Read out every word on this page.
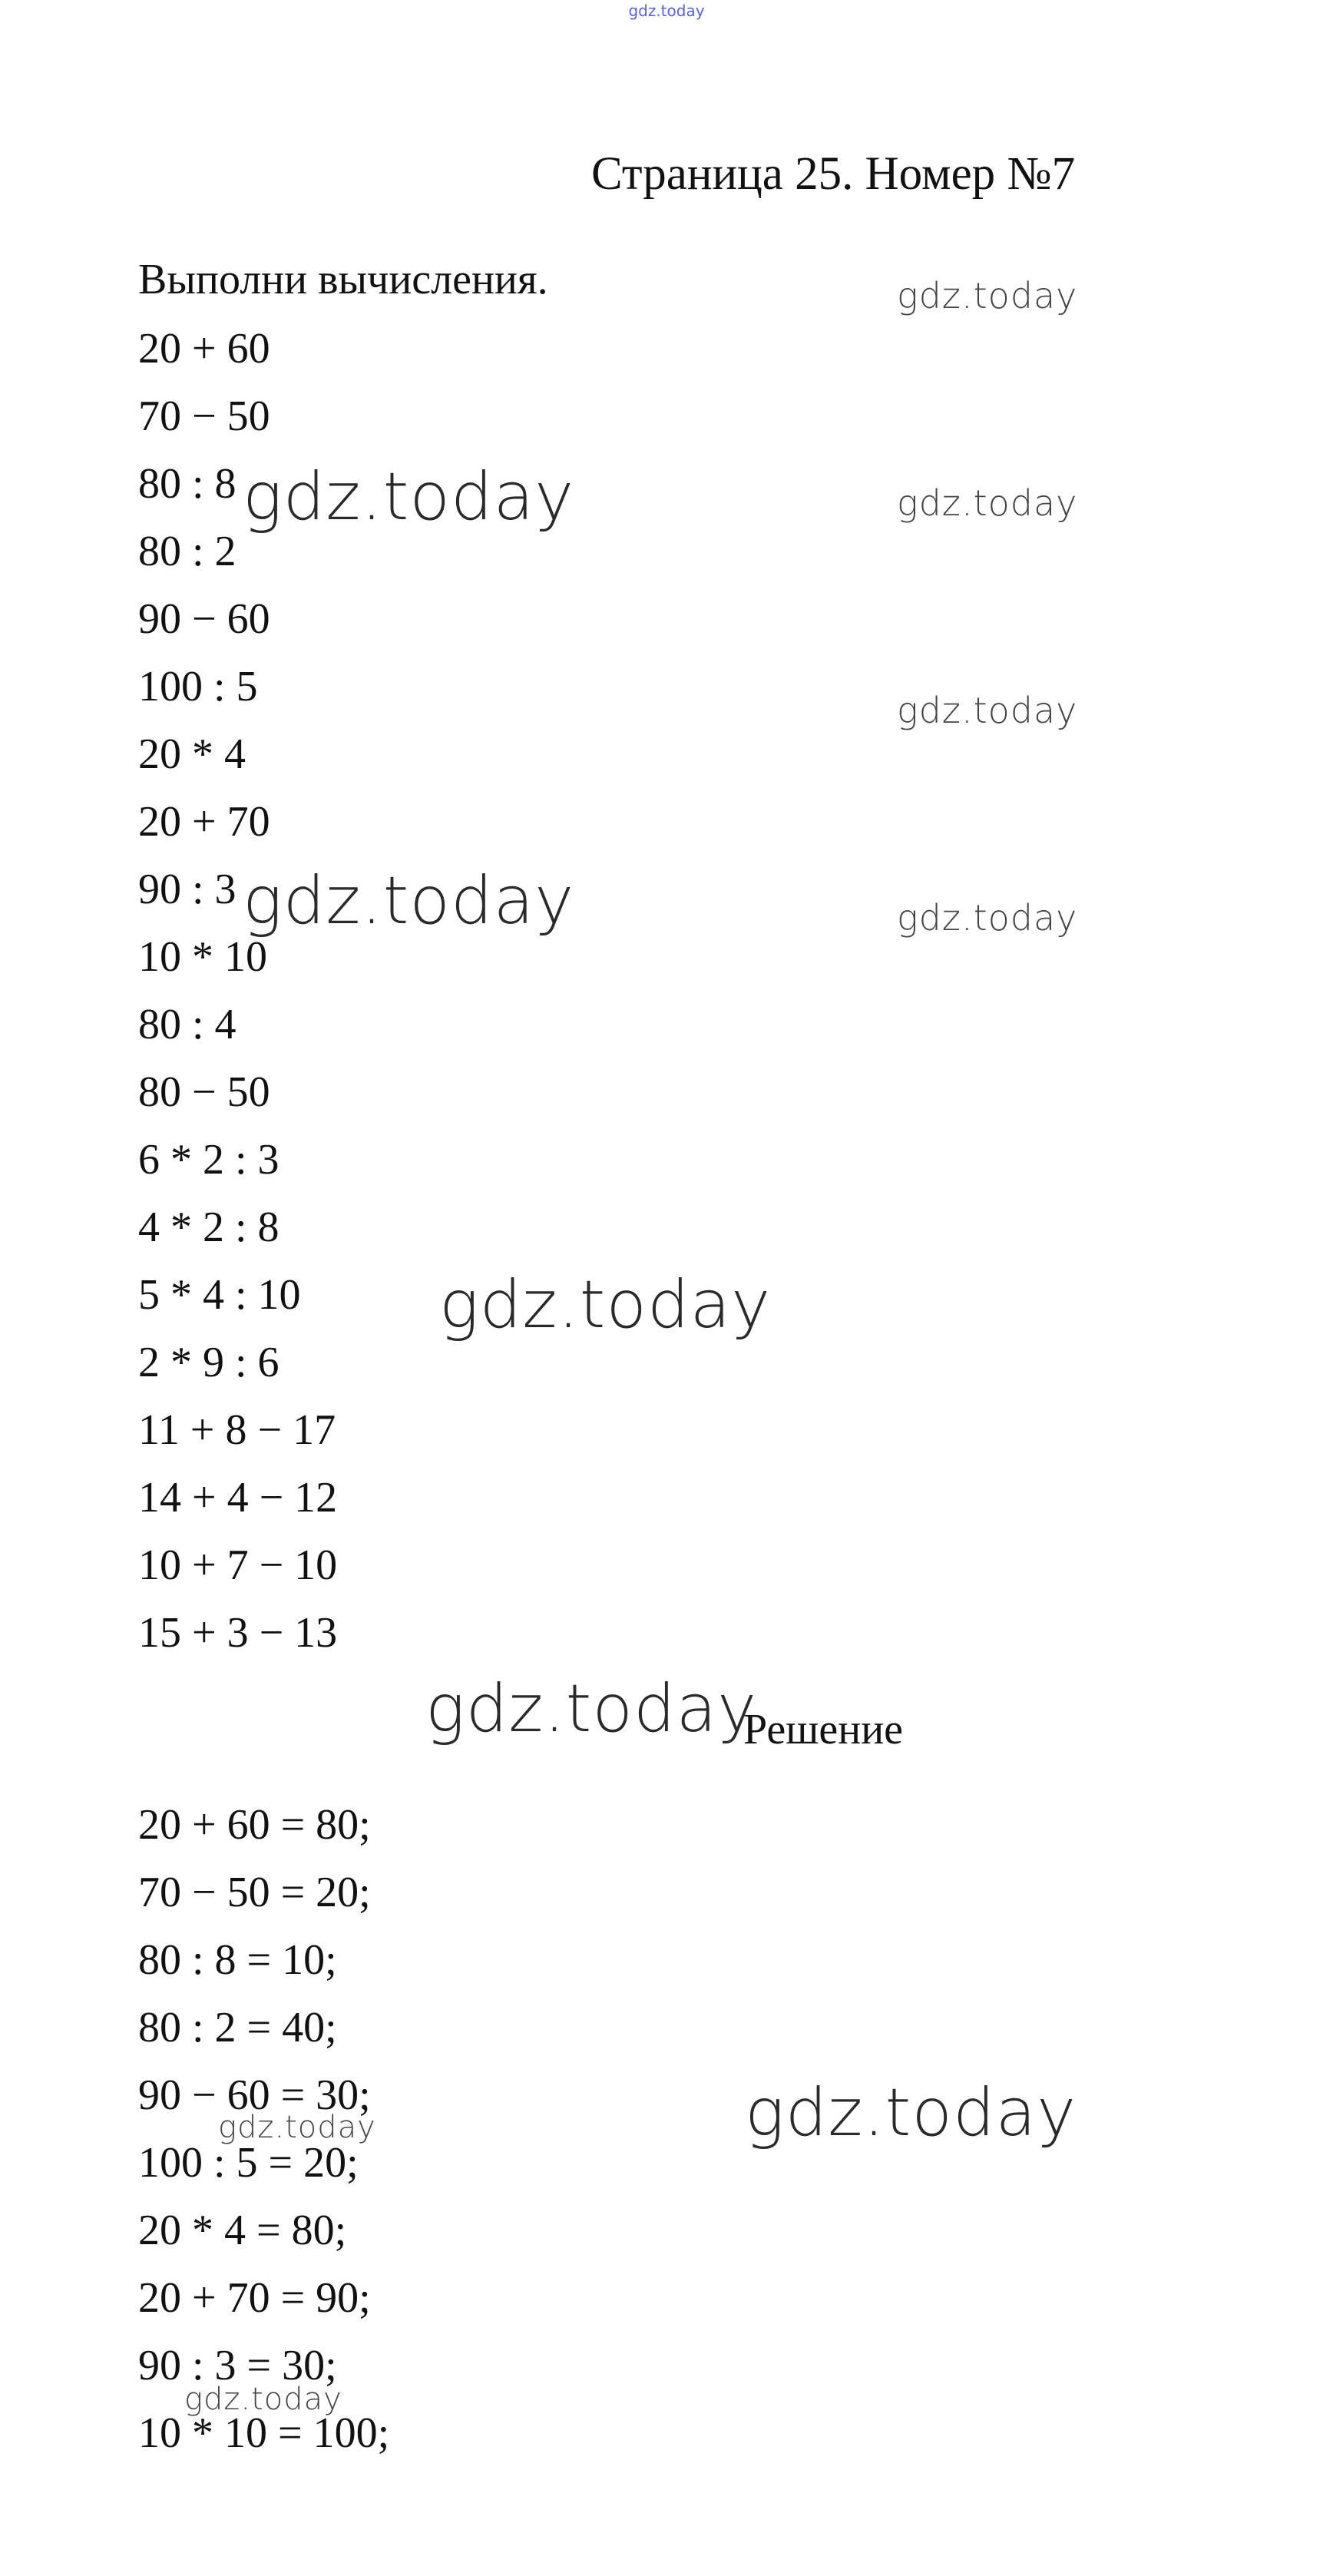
gdz.today
Страница 25. Номер №7
Выполни вычисления.
20 + 60
70 − 50
80 : 8
80 : 2
90 − 60
100 : 5
20 * 4
20 + 70
90 : 3
10 * 10
80 : 4
80 − 50
6 * 2 : 3
4 * 2 : 8
5 * 4 : 10
2 * 9 : 6
11 + 8 − 17
14 + 4 − 12
10 + 7 − 10
15 + 3 − 13
Решение
20 + 60 = 80;
70 − 50 = 20;
80 : 8 = 10;
80 : 2 = 40;
90 − 60 = 30;
100 : 5 = 20;
20 * 4 = 80;
20 + 70 = 90;
90 : 3 = 30;
10 * 10 = 100;
gdz.today
gdz.today
gdz.today
gdz.today
gdz.today
gdz.today
gdz.today
gdz.today
gdz.today
gdz.today
gdz.today
